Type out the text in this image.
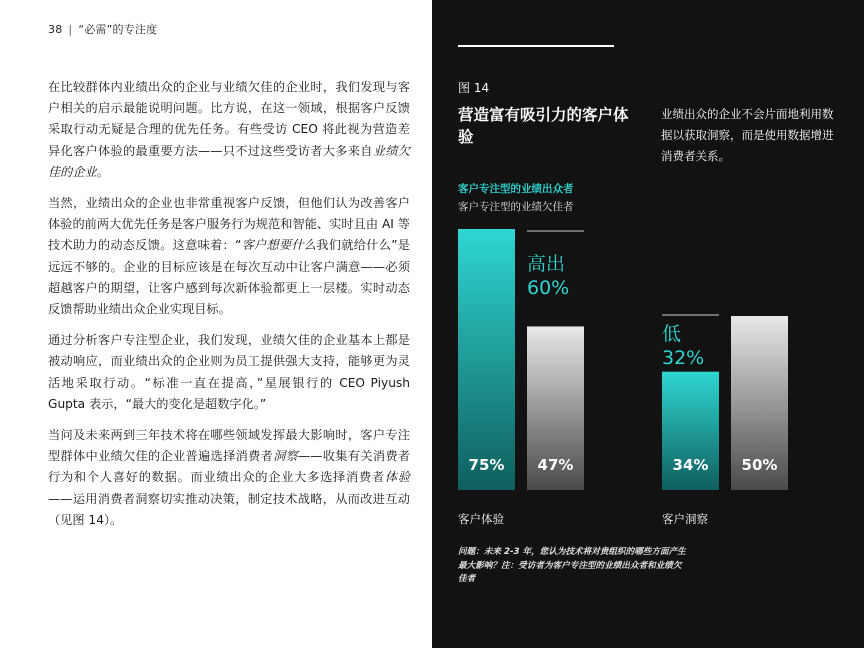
38 | “必需”的专注度

在比较群体内业绩出众的企业与业绩欠佳的企业时，我们发现与客户相关的启示最能说明问题。比方说，在这一领域，根据客户反馈采取行动无疑是合理的优先任务。有些受访 CEO 将此视为营造差异化客户体验的最重要方法——只不过这些受访者大多来自业绩欠佳的企业。

当然，业绩出众的企业也非常重视客户反馈，但他们认为改善客户体验的前两大优先任务是客户服务行为规范和智能、实时且由 AI 等技术助力的动态反馈。这意味着：“客户想要什么我们就给什么”是远远不够的。企业的目标应该是在每次互动中让客户满意——必须超越客户的期望，让客户感到每次新体验都更上一层楼。实时动态反馈帮助业绩出众企业实现目标。

通过分析客户专注型企业，我们发现，业绩欠佳的企业基本上都是被动响应，而业绩出众的企业则为员工提供强大支持，能够更为灵活地采取行动。“标准一直在提高，”星展银行的 CEO Piyush Gupta 表示，“最大的变化是超数字化。”

当问及未来两到三年技术将在哪些领域发挥最大影响时，客户专注型群体中业绩欠佳的企业普遍选择消费者洞察——收集有关消费者行为和个人喜好的数据。而业绩出众的企业大多选择消费者体验——运用消费者洞察切实推动决策，制定技术战略，从而改进互动（见图 14）。

图 14
营造富有吸引力的客户体验
业绩出众的企业不会片面地利用数据以获取洞察，而是使用数据增进消费者关系。
客户专注型的业绩出众者
客户专注型的业绩欠佳者
75% 47%
客户体验
高出
60%
34% 50%
客户洞察
低
32%
问题：未来 2-3 年，您认为技术将对贵组织的哪些方面产生最大影响？注：受访者为客户专注型的业绩出众者和业绩欠佳者
